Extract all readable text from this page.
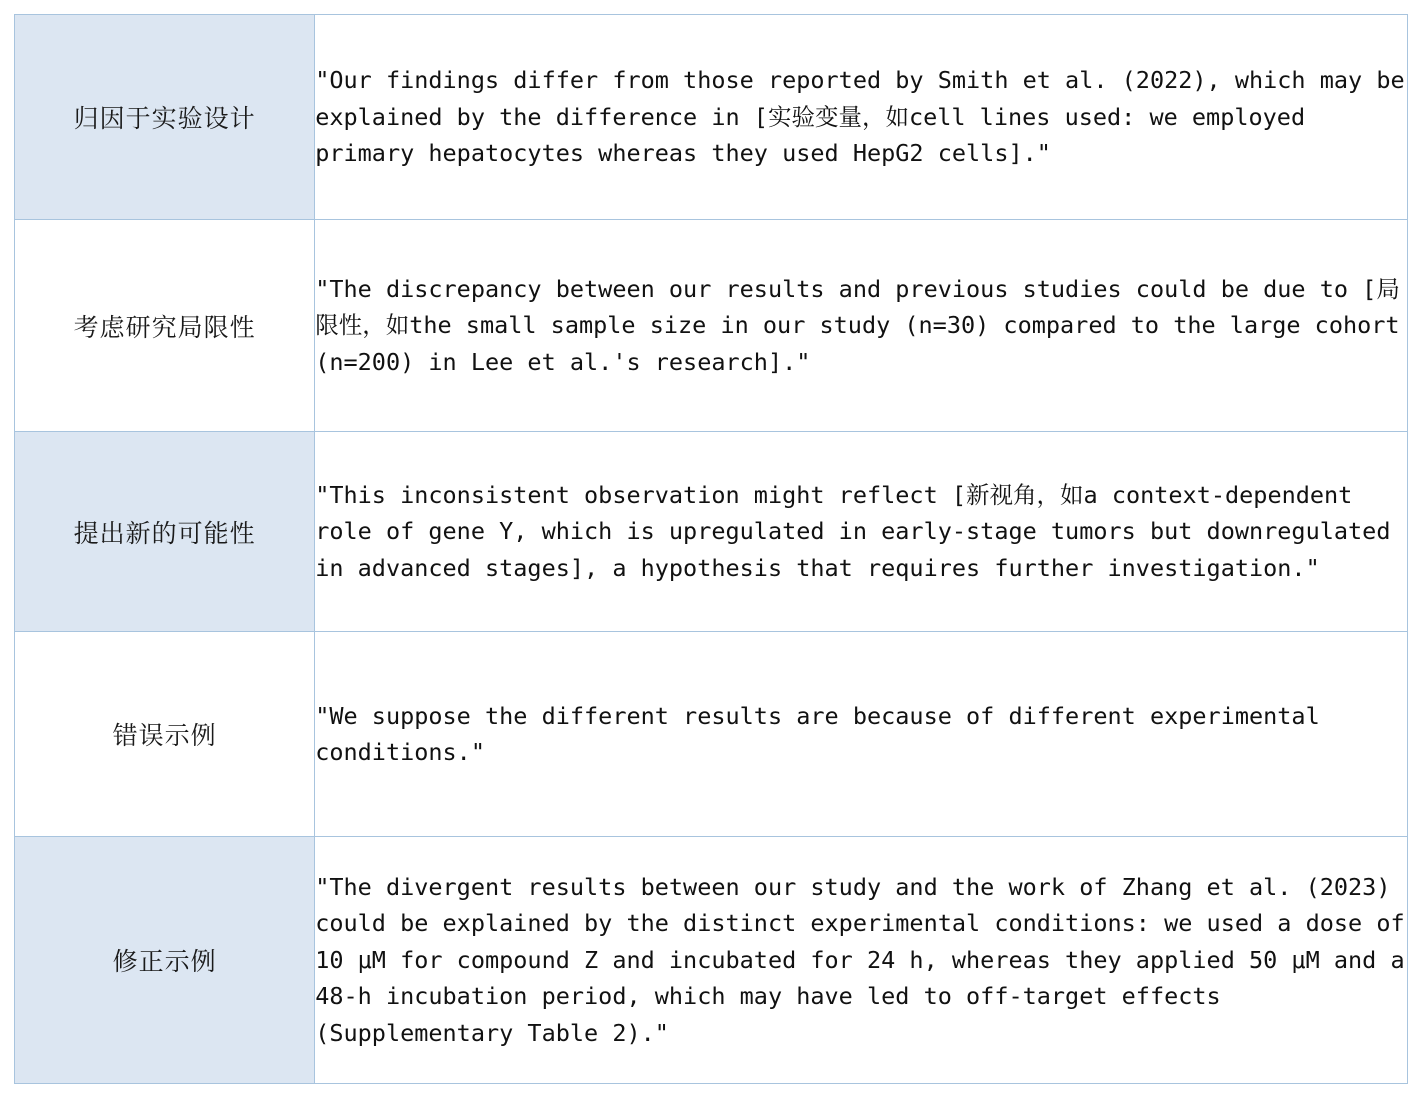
归因于实验设计	"Our findings differ from those reported by Smith et al. (2022), which may be explained by the difference in [实验变量，如cell lines used: we employed primary hepatocytes whereas they used HepG2 cells]."

考虑研究局限性	"The discrepancy between our results and previous studies could be due to [局限性，如the small sample size in our study (n=30) compared to the large cohort (n=200) in Lee et al.'s research]."

提出新的可能性	"This inconsistent observation might reflect [新视角，如a context-dependent role of gene Y, which is upregulated in early-stage tumors but downregulated in advanced stages], a hypothesis that requires further investigation."

错误示例	"We suppose the different results are because of different experimental conditions."

修正示例	"The divergent results between our study and the work of Zhang et al. (2023) could be explained by the distinct experimental conditions: we used a dose of 10 μM for compound Z and incubated for 24 h, whereas they applied 50 μM and a 48-h incubation period, which may have led to off-target effects (Supplementary Table 2)."
